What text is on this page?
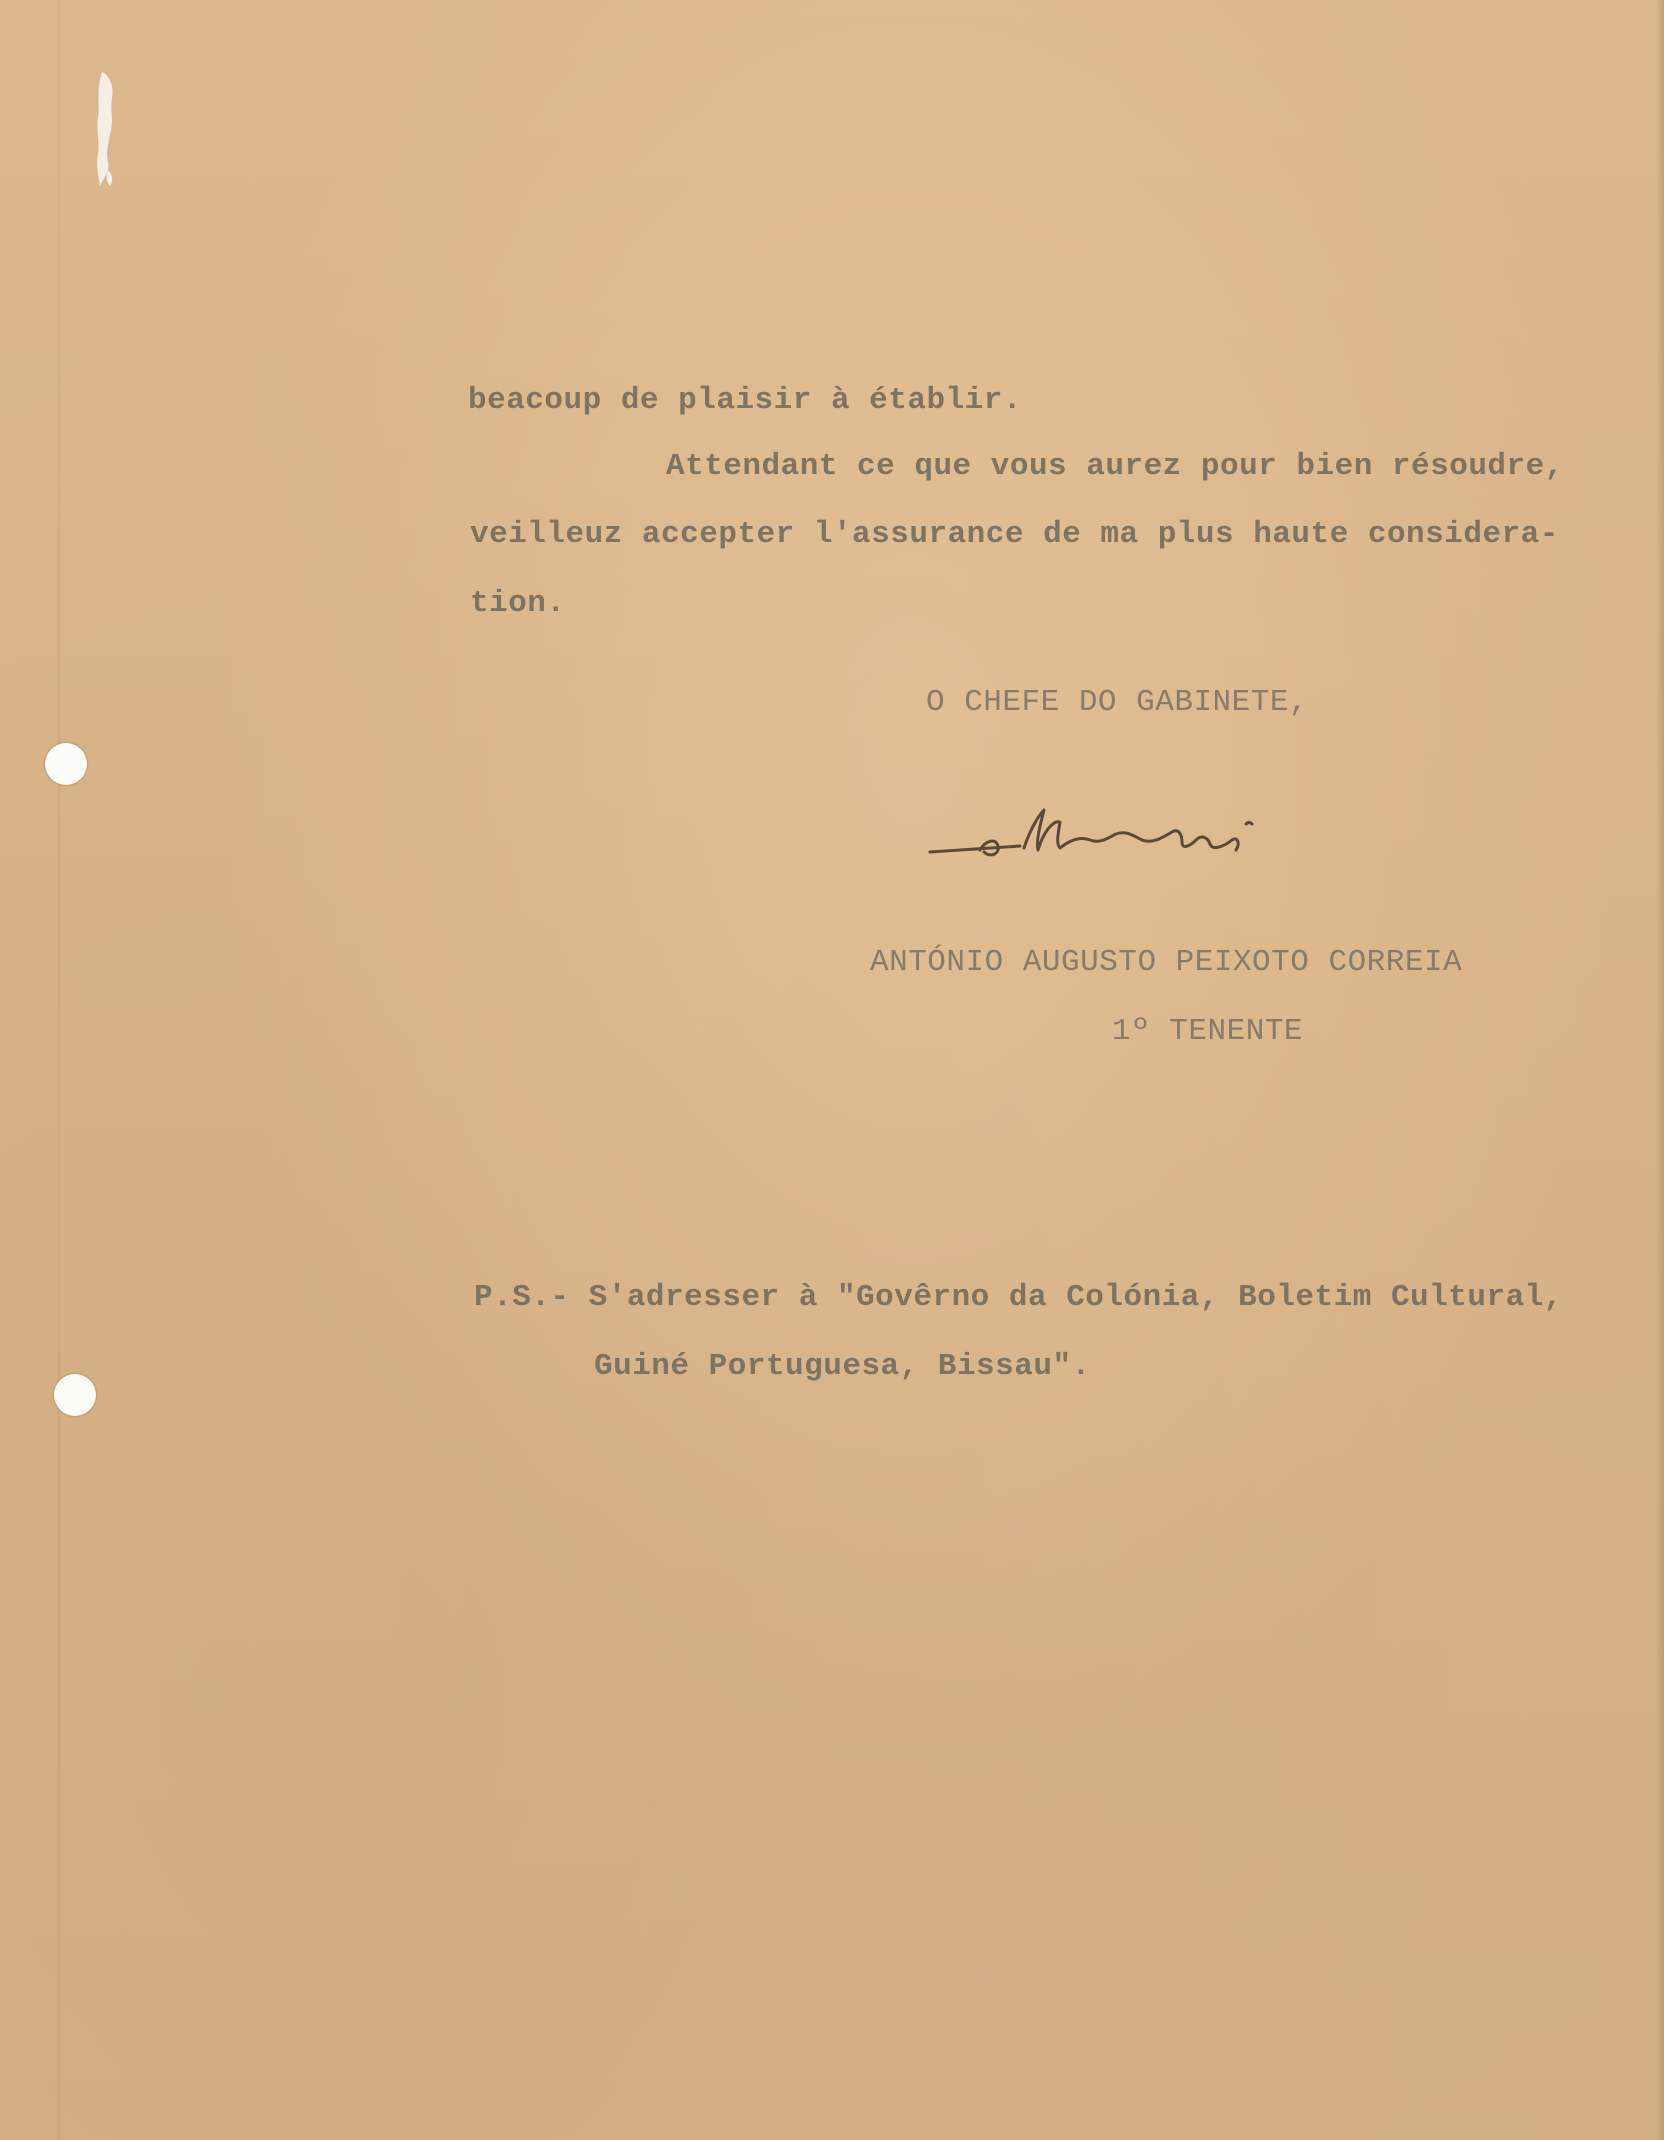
beacoup de plaisir à établir.
Attendant ce que vous aurez pour bien résoudre,
veilleuz accepter l'assurance de ma plus haute considera-
tion.
O CHEFE DO GABINETE,
ANTÓNIO AUGUSTO PEIXOTO CORREIA
1º TENENTE
P.S.- S'adresser à "Govêrno da Colónia, Boletim Cultural,
Guiné Portuguesa, Bissau".
